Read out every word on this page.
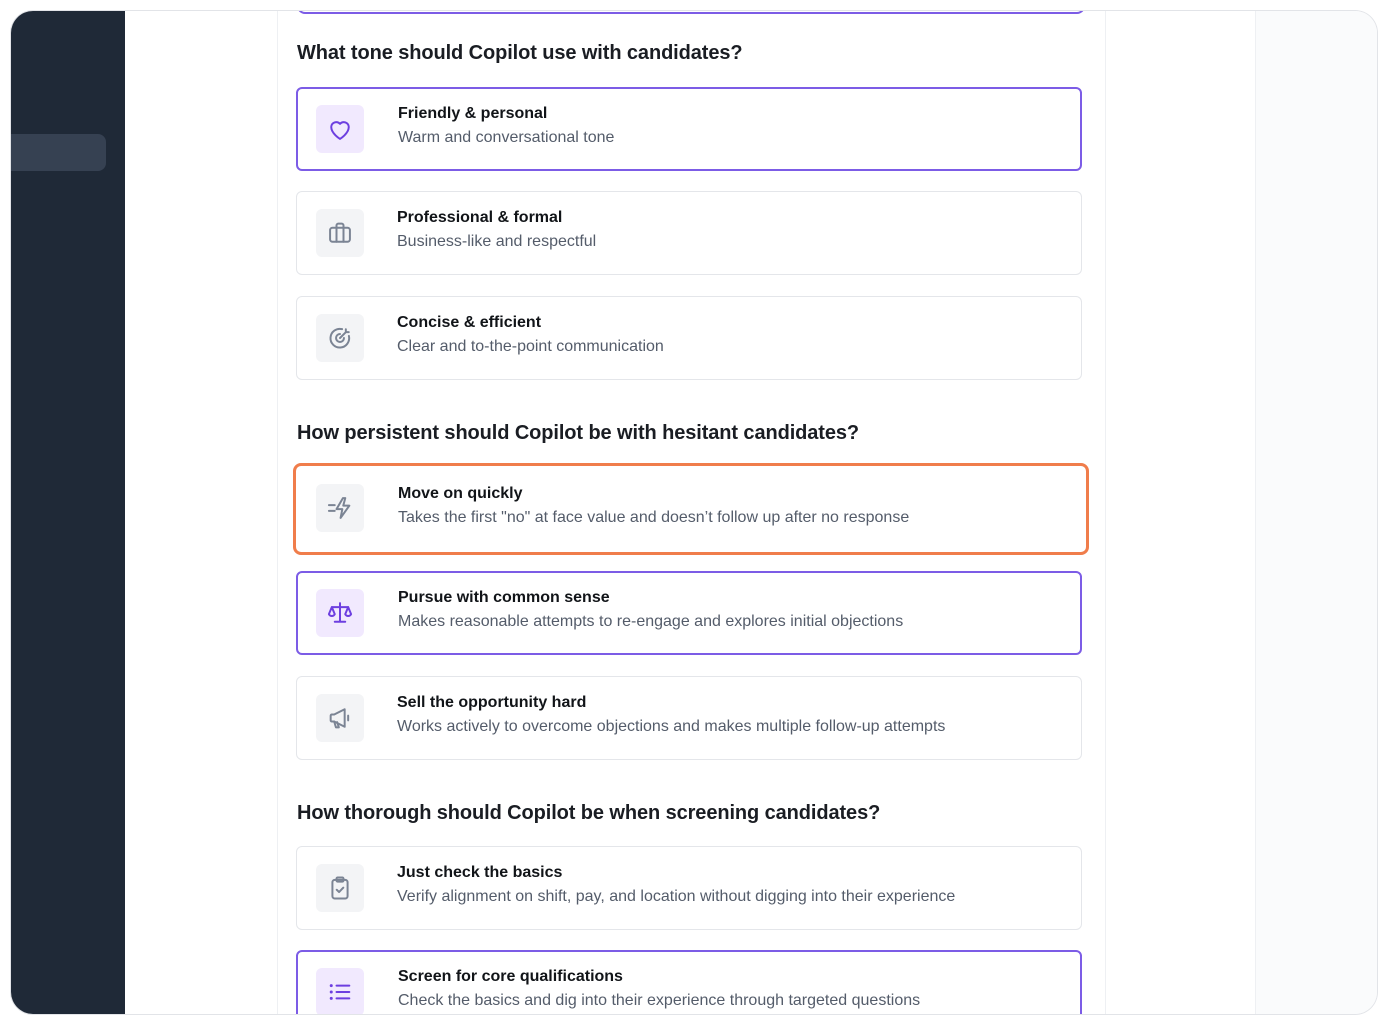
What tone should Copilot use with candidates?
Friendly & personal
Warm and conversational tone
Professional & formal
Business-like and respectful
Concise & efficient
Clear and to-the-point communication
How persistent should Copilot be with hesitant candidates?
Move on quickly
Takes the first "no" at face value and doesn’t follow up after no response
Pursue with common sense
Makes reasonable attempts to re-engage and explores initial objections
Sell the opportunity hard
Works actively to overcome objections and makes multiple follow-up attempts
How thorough should Copilot be when screening candidates?
Just check the basics
Verify alignment on shift, pay, and location without digging into their experience
Screen for core qualifications
Check the basics and dig into their experience through targeted questions
